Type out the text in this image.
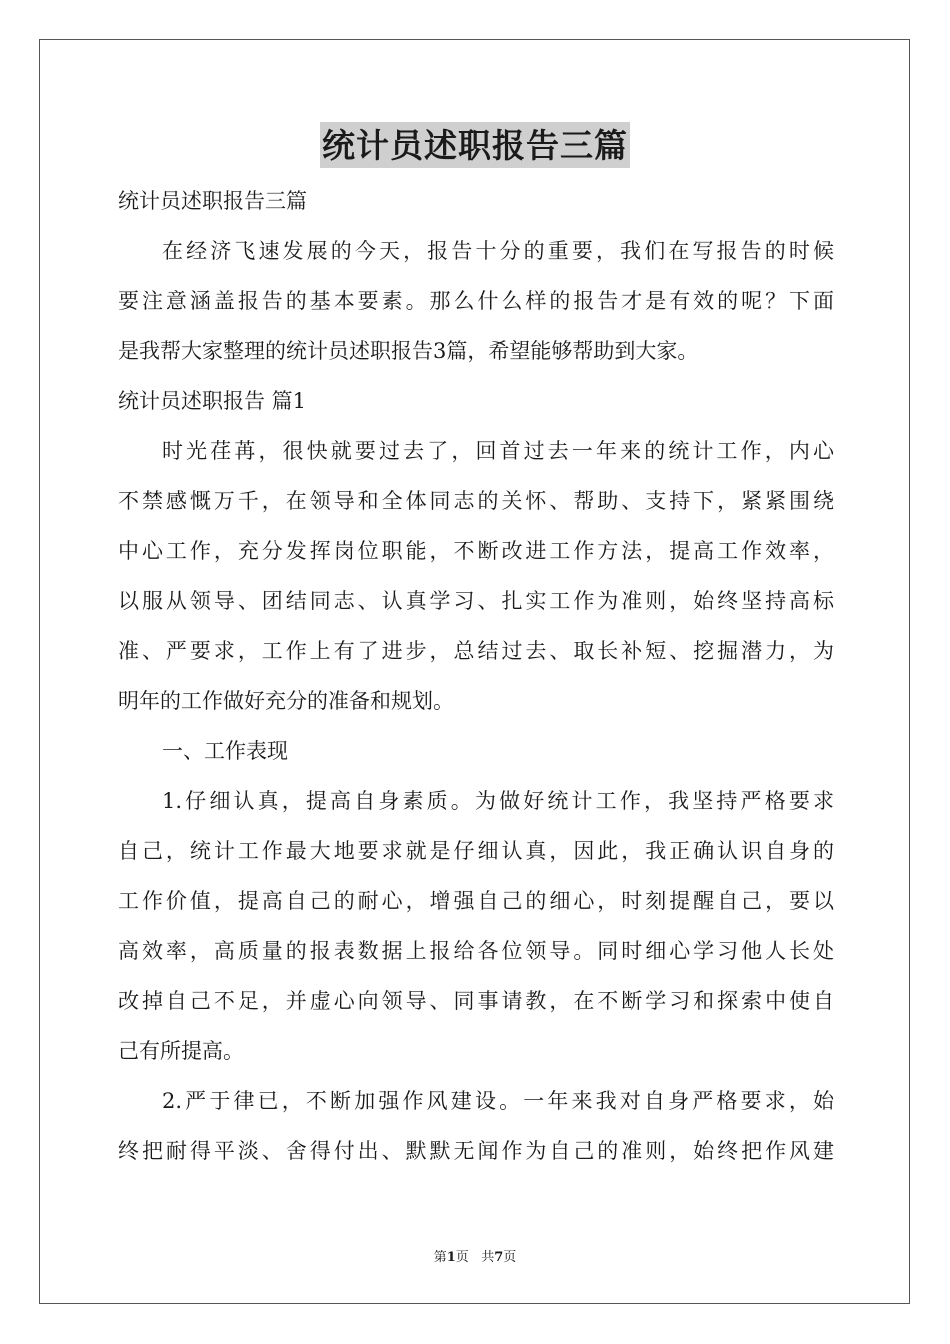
统计员述职报告三篇
统计员述职报告三篇
在经济飞速发展的今天，报告十分的重要，我们在写报告的时候
要注意涵盖报告的基本要素。那么什么样的报告才是有效的呢？下面
是我帮大家整理的统计员述职报告3篇，希望能够帮助到大家。
统计员述职报告 篇1
时光荏苒，很快就要过去了，回首过去一年来的统计工作，内心
不禁感慨万千，在领导和全体同志的关怀、帮助、支持下，紧紧围绕
中心工作，充分发挥岗位职能，不断改进工作方法，提高工作效率，
以服从领导、团结同志、认真学习、扎实工作为准则，始终坚持高标
准、严要求，工作上有了进步，总结过去、取长补短、挖掘潜力，为
明年的工作做好充分的准备和规划。
一、工作表现
1.仔细认真，提高自身素质。为做好统计工作，我坚持严格要求
自己，统计工作最大地要求就是仔细认真，因此，我正确认识自身的
工作价值，提高自己的耐心，增强自己的细心，时刻提醒自己，要以
高效率，高质量的报表数据上报给各位领导。同时细心学习他人长处
改掉自己不足，并虚心向领导、同事请教，在不断学习和探索中使自
己有所提高。
2.严于律已，不断加强作风建设。一年来我对自身严格要求，始
终把耐得平淡、舍得付出、默默无闻作为自己的准则，始终把作风建
第1页 共7页
